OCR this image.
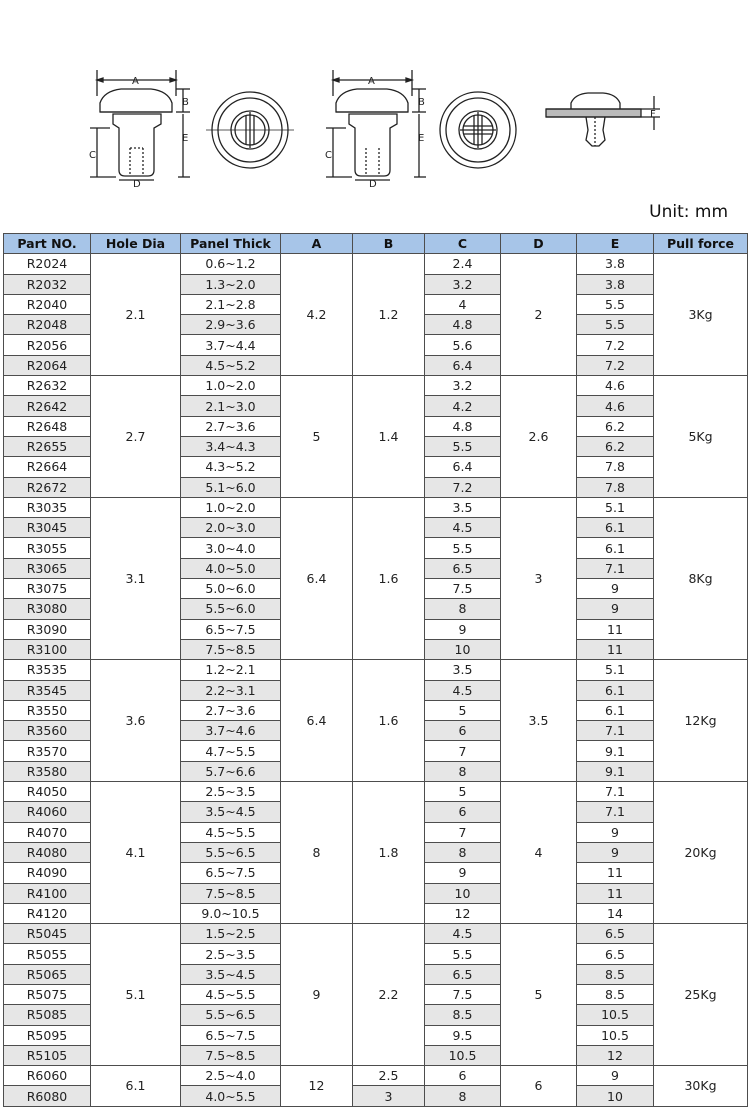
A
B
E
C
D
A
B
E
C
D
F
Unit: mm
Part NO.	Hole Dia	Panel Thick	A	B	C	D	E	Pull force
R2024	2.1	0.6~1.2	4.2	1.2	2.4	2	3.8	3Kg
R2032		1.3~2.0			3.2		3.8	
R2040		2.1~2.8			4		5.5	
R2048		2.9~3.6			4.8		5.5	
R2056		3.7~4.4			5.6		7.2	
R2064		4.5~5.2			6.4		7.2	
R2632	2.7	1.0~2.0	5	1.4	3.2	2.6	4.6	5Kg
R2642		2.1~3.0			4.2		4.6	
R2648		2.7~3.6			4.8		6.2	
R2655		3.4~4.3			5.5		6.2	
R2664		4.3~5.2			6.4		7.8	
R2672		5.1~6.0			7.2		7.8	
R3035	3.1	1.0~2.0	6.4	1.6	3.5	3	5.1	8Kg
R3045		2.0~3.0			4.5		6.1	
R3055		3.0~4.0			5.5		6.1	
R3065		4.0~5.0			6.5		7.1	
R3075		5.0~6.0			7.5		9	
R3080		5.5~6.0			8		9	
R3090		6.5~7.5			9		11	
R3100		7.5~8.5			10		11	
R3535	3.6	1.2~2.1	6.4	1.6	3.5	3.5	5.1	12Kg
R3545		2.2~3.1			4.5		6.1	
R3550		2.7~3.6			5		6.1	
R3560		3.7~4.6			6		7.1	
R3570		4.7~5.5			7		9.1	
R3580		5.7~6.6			8		9.1	
R4050	4.1	2.5~3.5	8	1.8	5	4	7.1	20Kg
R4060		3.5~4.5			6		7.1	
R4070		4.5~5.5			7		9	
R4080		5.5~6.5			8		9	
R4090		6.5~7.5			9		11	
R4100		7.5~8.5			10		11	
R4120		9.0~10.5			12		14	
R5045	5.1	1.5~2.5	9	2.2	4.5	5	6.5	25Kg
R5055		2.5~3.5			5.5		6.5	
R5065		3.5~4.5			6.5		8.5	
R5075		4.5~5.5			7.5		8.5	
R5085		5.5~6.5			8.5		10.5	
R5095		6.5~7.5			9.5		10.5	
R5105		7.5~8.5			10.5		12	
R6060	6.1	2.5~4.0	12	2.5	6	6	9	30Kg
R6080		4.0~5.5		3	8		10	
